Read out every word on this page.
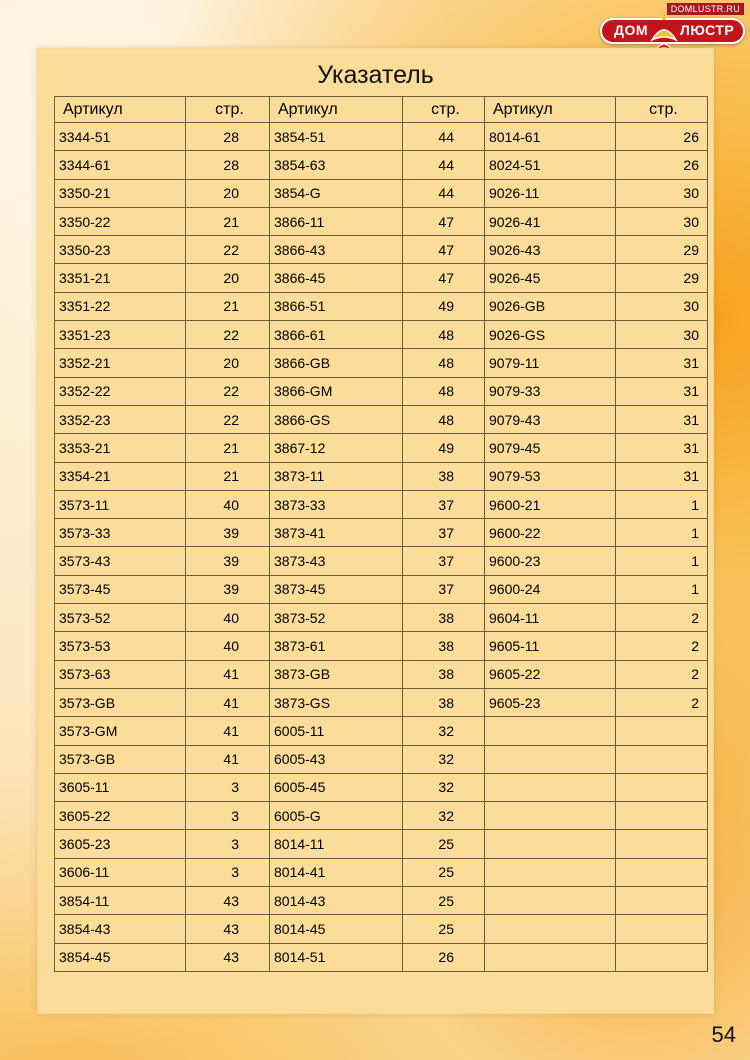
DOMLUSTR.RU
ДОМ ЛЮСТР
Указатель
Артикул	стр.	Артикул	стр.	Артикул	стр.
3344-51	28	3854-51	44	8014-61	26
3344-61	28	3854-63	44	8024-51	26
3350-21	20	3854-G	44	9026-11	30
3350-22	21	3866-11	47	9026-41	30
3350-23	22	3866-43	47	9026-43	29
3351-21	20	3866-45	47	9026-45	29
3351-22	21	3866-51	49	9026-GB	30
3351-23	22	3866-61	48	9026-GS	30
3352-21	20	3866-GB	48	9079-11	31
3352-22	22	3866-GM	48	9079-33	31
3352-23	22	3866-GS	48	9079-43	31
3353-21	21	3867-12	49	9079-45	31
3354-21	21	3873-11	38	9079-53	31
3573-11	40	3873-33	37	9600-21	1
3573-33	39	3873-41	37	9600-22	1
3573-43	39	3873-43	37	9600-23	1
3573-45	39	3873-45	37	9600-24	1
3573-52	40	3873-52	38	9604-11	2
3573-53	40	3873-61	38	9605-11	2
3573-63	41	3873-GB	38	9605-22	2
3573-GB	41	3873-GS	38	9605-23	2
3573-GM	41	6005-11	32		
3573-GB	41	6005-43	32		
3605-11	3	6005-45	32		
3605-22	3	6005-G	32		
3605-23	3	8014-11	25		
3606-11	3	8014-41	25		
3854-11	43	8014-43	25		
3854-43	43	8014-45	25		
3854-45	43	8014-51	26		
54
